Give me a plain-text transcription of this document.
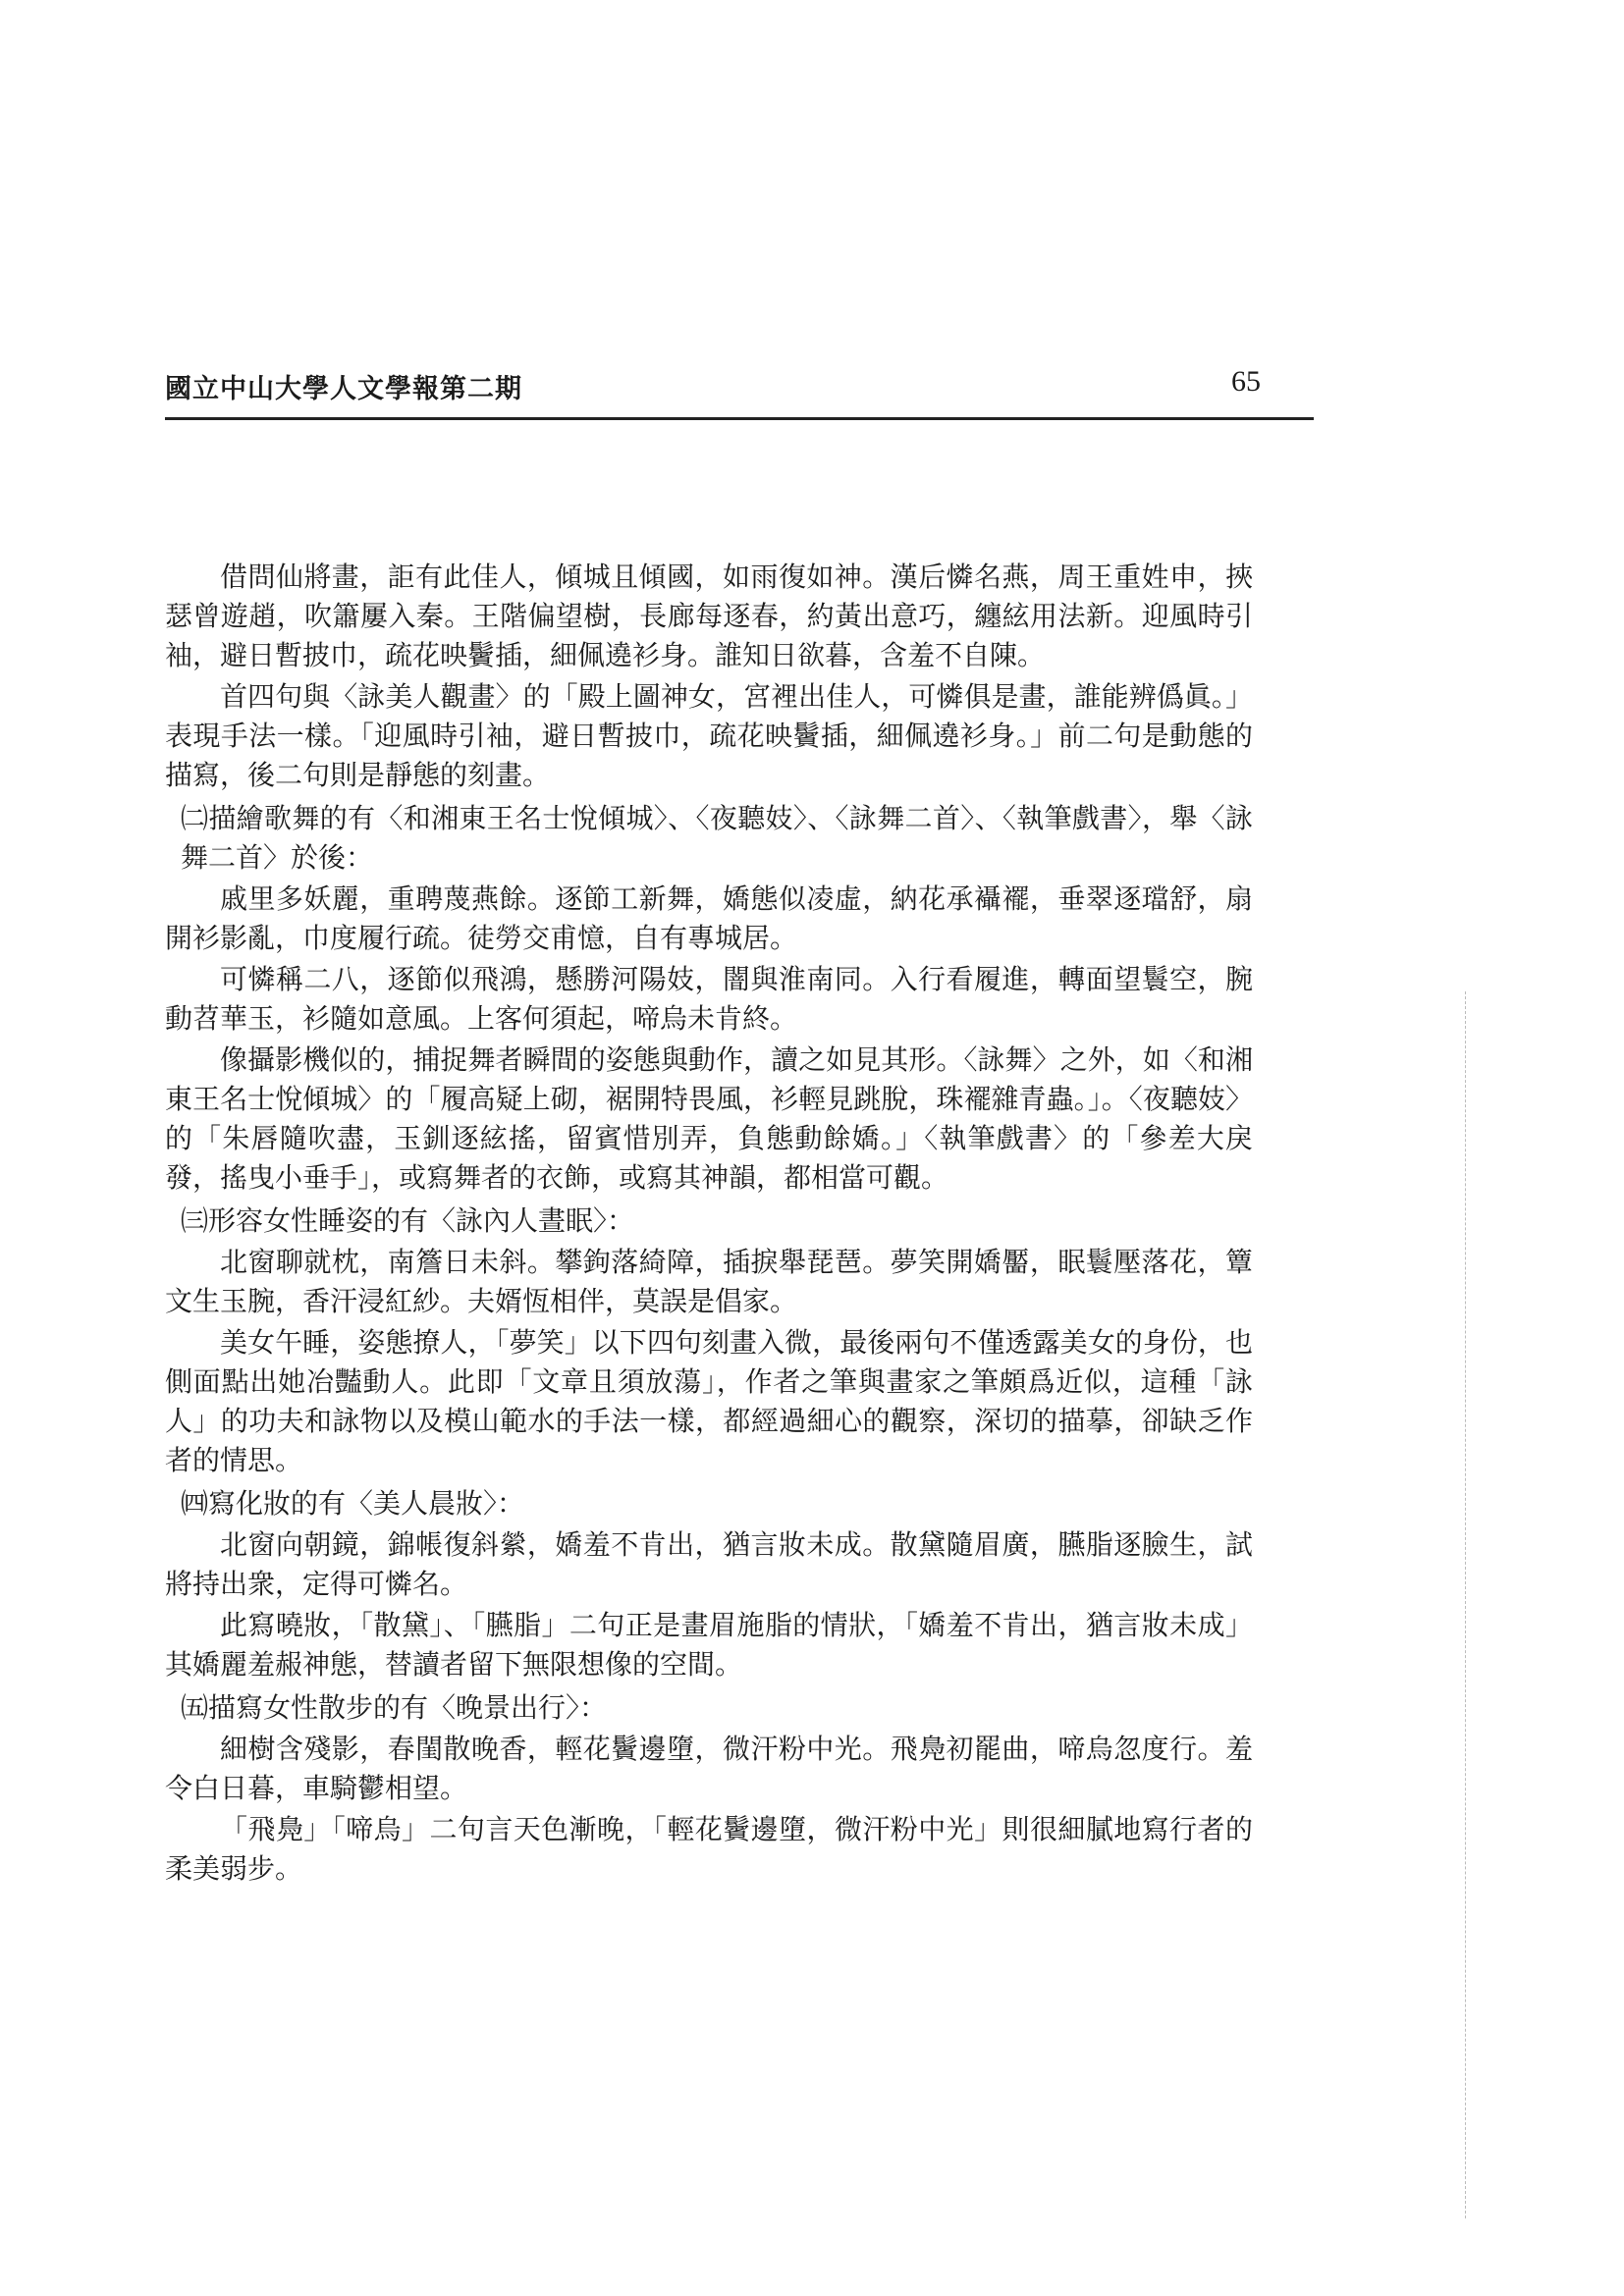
國立中山大學人文學報第二期	65

借問仙將畫，詎有此佳人，傾城且傾國，如雨復如神。漢后憐名燕，周王重姓申，挾瑟曾遊趙，吹簫屢入秦。王階偏望樹，長廊每逐春，約黃出意巧，纏絃用法新。迎風時引袖，避日暫披巾，疏花映鬢插，細佩遶衫身。誰知日欲暮，含羞不自陳。

首四句與〈詠美人觀畫〉的「殿上圖神女，宮裡出佳人，可憐俱是畫，誰能辨僞眞。」表現手法一樣。「迎風時引袖，避日暫披巾，疏花映鬢插，細佩遶衫身。」前二句是動態的描寫，後二句則是靜態的刻畫。

㈡描繪歌舞的有〈和湘東王名士悅傾城〉、〈夜聽妓〉、〈詠舞二首〉、〈執筆戲書〉，舉〈詠舞二首〉於後：

戚里多妖麗，重聘蔑燕餘。逐節工新舞，嬌態似凌虛，納花承襵襬，垂翠逐璫舒，扇開衫影亂，巾度履行疏。徒勞交甫憶，自有專城居。

可憐稱二八，逐節似飛鴻，懸勝河陽妓，闇與淮南同。入行看履進，轉面望鬟空，腕動苕華玉，衫隨如意風。上客何須起，啼烏未肯終。

像攝影機似的，捕捉舞者瞬間的姿態與動作，讀之如見其形。〈詠舞〉之外，如〈和湘東王名士悅傾城〉的「履高疑上砌，裾開特畏風，衫輕見跳脫，珠襬雜青蟲。」。〈夜聽妓〉的「朱唇隨吹盡，玉釧逐絃搖，留賓惜別弄，負態動餘嬌。」〈執筆戲書〉的「參差大戾發，搖曳小垂手」，或寫舞者的衣飾，或寫其神韻，都相當可觀。

㈢形容女性睡姿的有〈詠內人晝眠〉：

北窗聊就枕，南簷日未斜。攀鉤落綺障，插捩舉琵琶。夢笑開嬌靨，眠鬟壓落花，簟文生玉腕，香汗浸紅紗。夫婿恆相伴，莫誤是倡家。

美女午睡，姿態撩人，「夢笑」以下四句刻畫入微，最後兩句不僅透露美女的身份，也側面點出她冶豔動人。此即「文章且須放蕩」，作者之筆與畫家之筆頗爲近似，這種「詠人」的功夫和詠物以及模山範水的手法一樣，都經過細心的觀察，深切的描摹，卻缺乏作者的情思。

㈣寫化妝的有〈美人晨妝〉：

北窗向朝鏡，錦帳復斜縈，嬌羞不肯出，猶言妝未成。散黛隨眉廣，臙脂逐臉生，試將持出衆，定得可憐名。

此寫曉妝，「散黛」、「臙脂」二句正是畫眉施脂的情狀，「嬌羞不肯出，猶言妝未成」其嬌麗羞赧神態，替讀者留下無限想像的空間。

㈤描寫女性散步的有〈晚景出行〉：

細樹含殘影，春閨散晚香，輕花鬢邊墮，微汗粉中光。飛鳧初罷曲，啼烏忽度行。羞令白日暮，車騎鬱相望。

「飛鳧」「啼烏」二句言天色漸晚，「輕花鬢邊墮，微汗粉中光」則很細膩地寫行者的柔美弱步。
